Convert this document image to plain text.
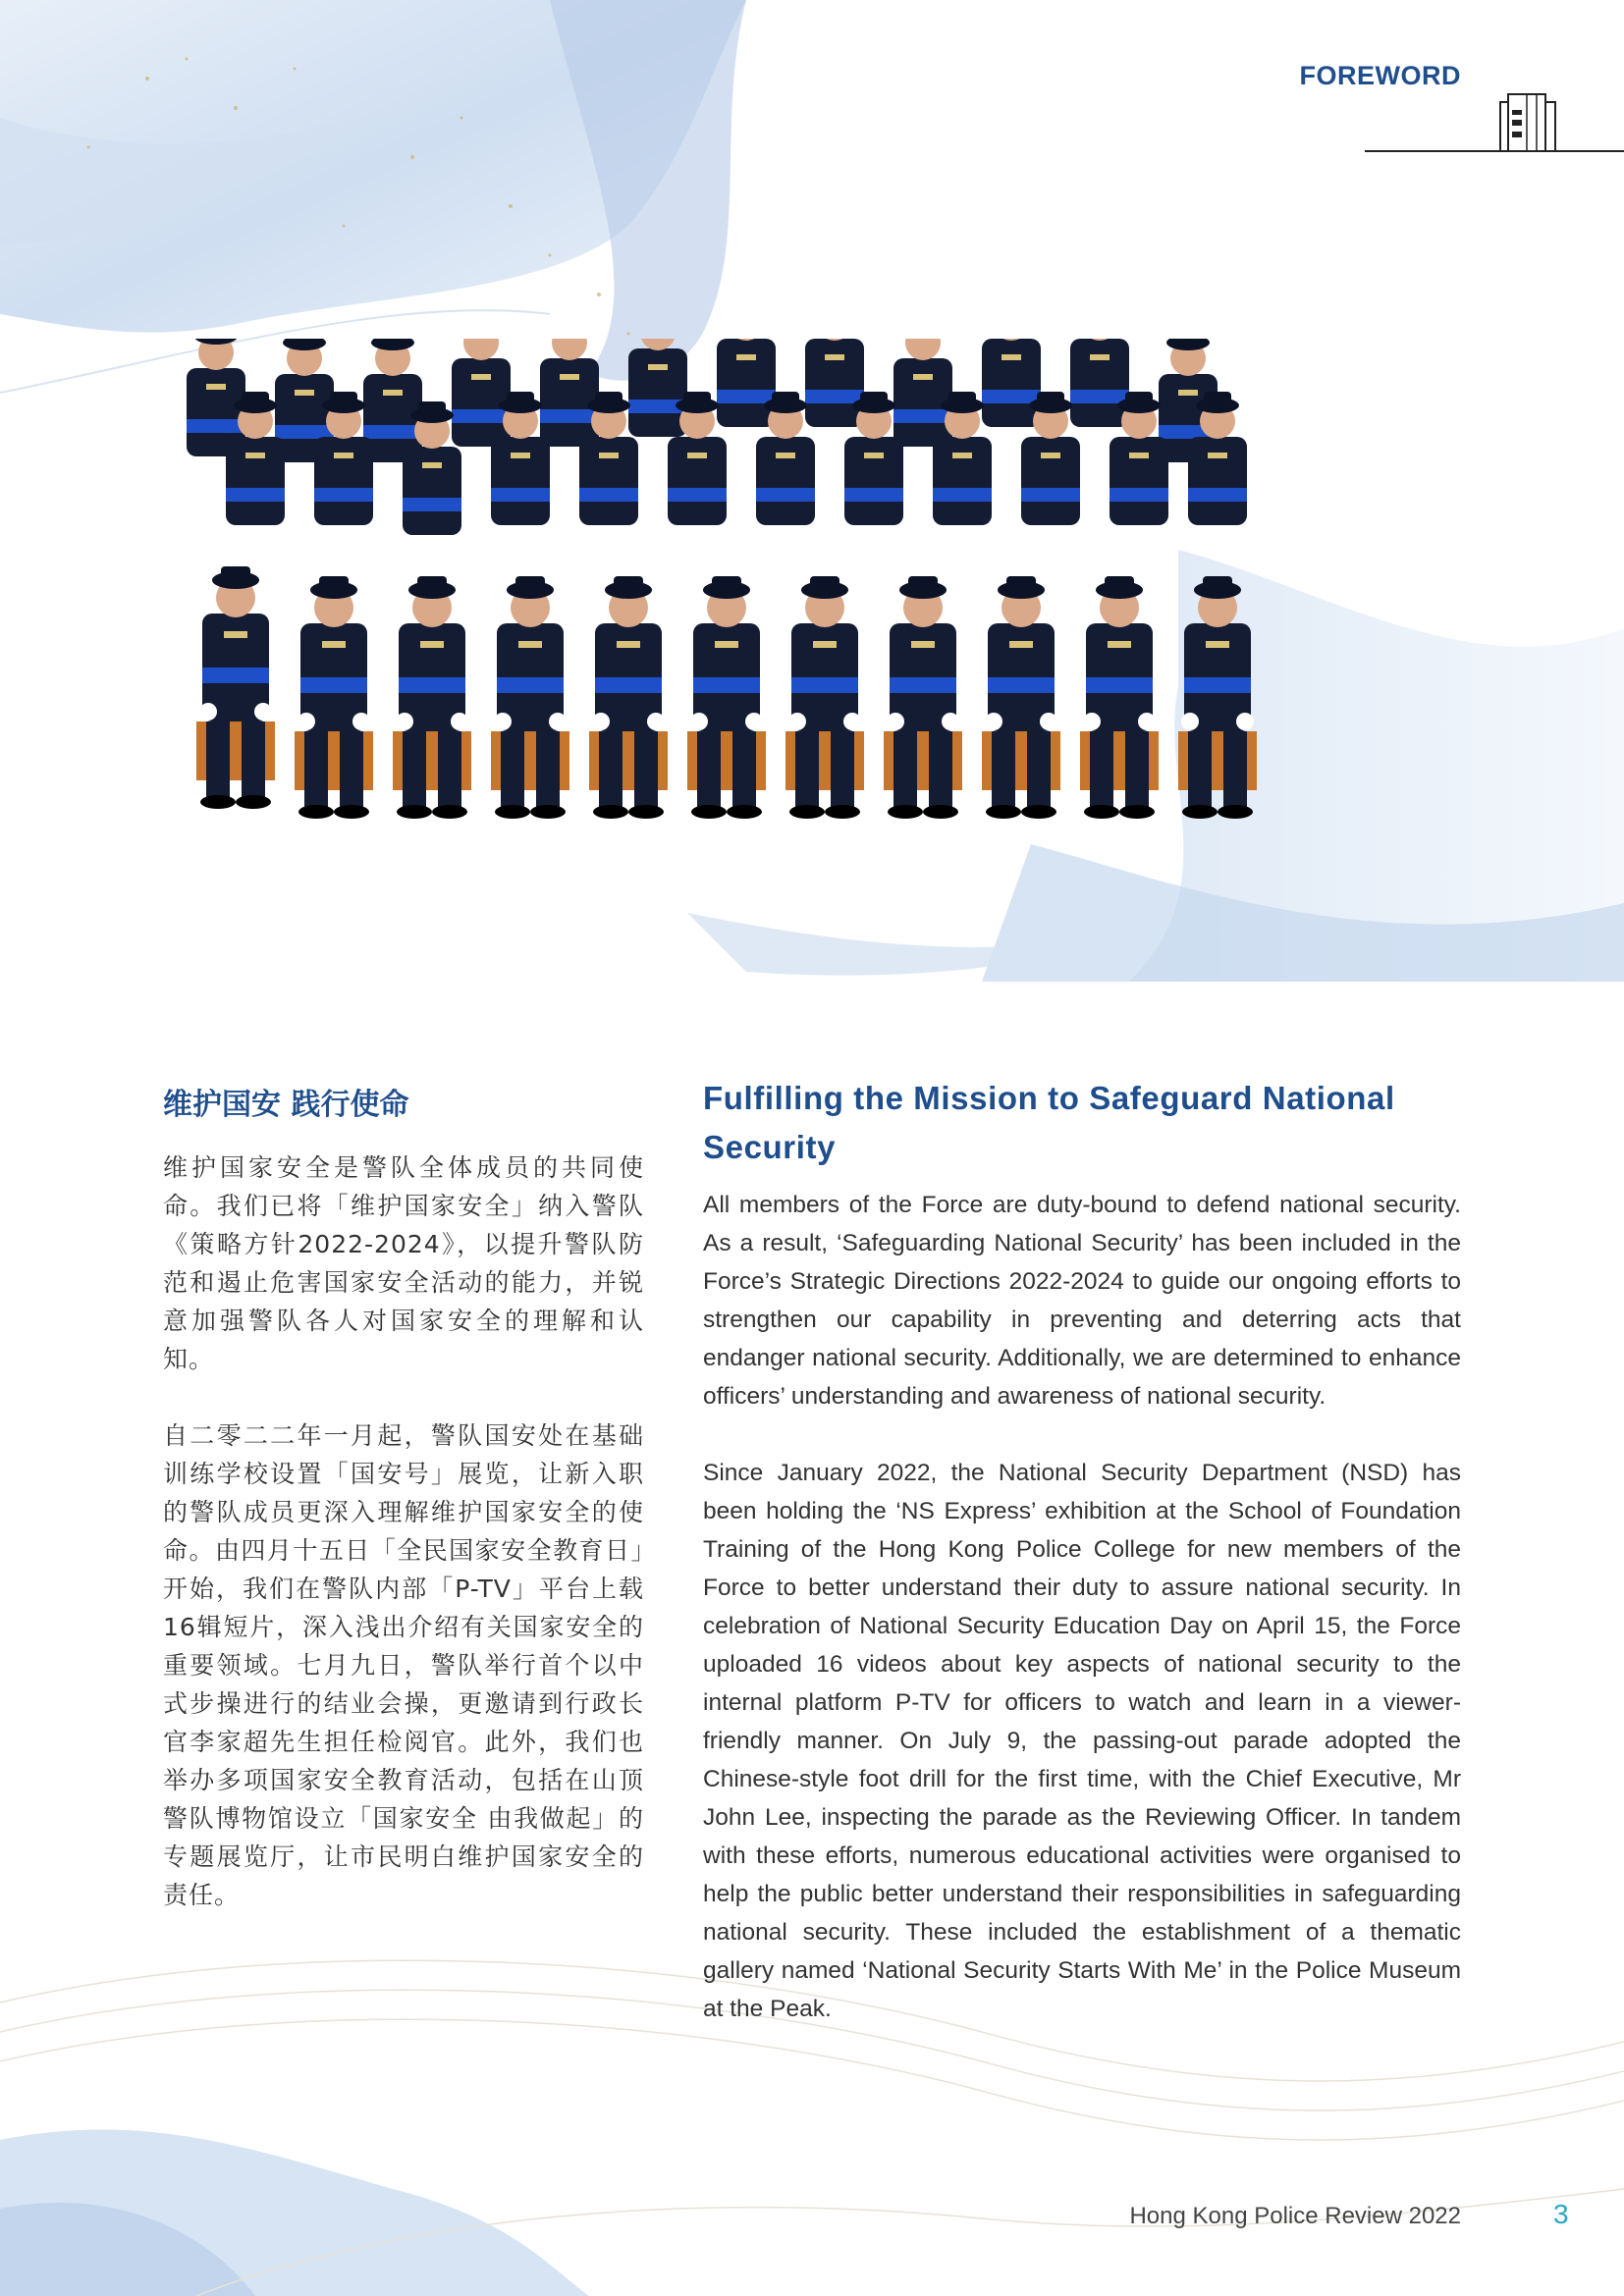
FOREWORD
维护国安 践行使命

维护国家安全是警队全体成员的共同使命。我们已将「维护国家安全」纳入警队《策略方针2022-2024》，以提升警队防范和遏止危害国家安全活动的能力，并锐意加强警队各人对国家安全的理解和认知。

自二零二二年一月起，警队国安处在基础训练学校设置「国安号」展览，让新入职的警队成员更深入理解维护国家安全的使命。由四月十五日「全民国家安全教育日」开始，我们在警队内部「P-TV」平台上载16辑短片，深入浅出介绍有关国家安全的重要领域。七月九日，警队举行首个以中式步操进行的结业会操，更邀请到行政长官李家超先生担任检阅官。此外，我们也举办多项国家安全教育活动，包括在山顶警队博物馆设立「国家安全 由我做起」的专题展览厅，让市民明白维护国家安全的责任。

Fulfilling the Mission to Safeguard National Security

All members of the Force are duty-bound to defend national security. As a result, ‘Safeguarding National Security’ has been included in the Force’s Strategic Directions 2022-2024 to guide our ongoing efforts to strengthen our capability in preventing and deterring acts that endanger national security. Additionally, we are determined to enhance officers’ understanding and awareness of national security.

Since January 2022, the National Security Department (NSD) has been holding the ‘NS Express’ exhibition at the School of Foundation Training of the Hong Kong Police College for new members of the Force to better understand their duty to assure national security. In celebration of National Security Education Day on April 15, the Force uploaded 16 videos about key aspects of national security to the internal platform P-TV for officers to watch and learn in a viewer-friendly manner. On July 9, the passing-out parade adopted the Chinese-style foot drill for the first time, with the Chief Executive, Mr John Lee, inspecting the parade as the Reviewing Officer. In tandem with these efforts, numerous educational activities were organised to help the public better understand their responsibilities in safeguarding national security. These included the establishment of a thematic gallery named ‘National Security Starts With Me’ in the Police Museum at the Peak.

Hong Kong Police Review 2022	3
